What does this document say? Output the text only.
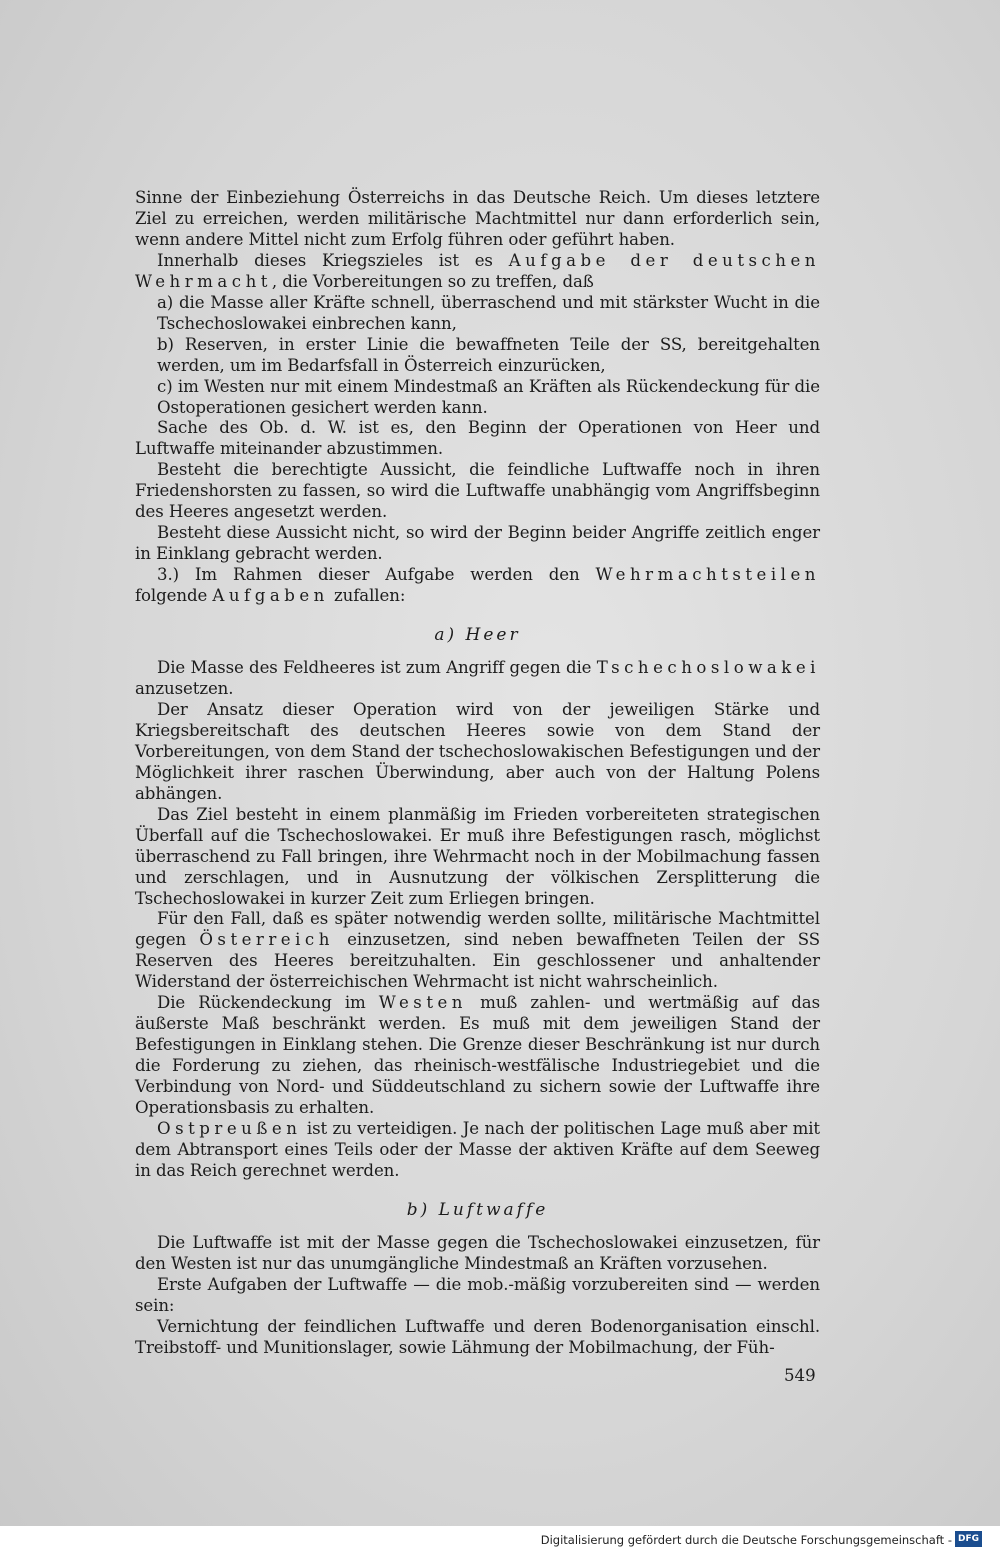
Sinne der Einbeziehung Österreichs in das Deutsche Reich. Um dieses letztere Ziel zu erreichen, werden militärische Machtmittel nur dann erforderlich sein, wenn andere Mittel nicht zum Erfolg führen oder geführt haben.

Innerhalb dieses Kriegszieles ist es Aufgabe der deutschen Wehrmacht, die Vorbereitungen so zu treffen, daß

a) die Masse aller Kräfte schnell, überraschend und mit stärkster Wucht in die Tschechoslowakei einbrechen kann,

b) Reserven, in erster Linie die bewaffneten Teile der SS, bereitgehalten werden, um im Bedarfsfall in Österreich einzurücken,

c) im Westen nur mit einem Mindestmaß an Kräften als Rückendeckung für die Ostoperationen gesichert werden kann.

Sache des Ob. d. W. ist es, den Beginn der Operationen von Heer und Luftwaffe miteinander abzustimmen.

Besteht die berechtigte Aussicht, die feindliche Luftwaffe noch in ihren Friedenshorsten zu fassen, so wird die Luftwaffe unabhängig vom Angriffsbeginn des Heeres angesetzt werden.

Besteht diese Aussicht nicht, so wird der Beginn beider Angriffe zeitlich enger in Einklang gebracht werden.

3.) Im Rahmen dieser Aufgabe werden den Wehrmachtsteilen folgende Aufgaben zufallen:

a) Heer

Die Masse des Feldheeres ist zum Angriff gegen die Tschechoslowakei anzusetzen.

Der Ansatz dieser Operation wird von der jeweiligen Stärke und Kriegsbereitschaft des deutschen Heeres sowie von dem Stand der Vorbereitungen, von dem Stand der tschechoslowakischen Befestigungen und der Möglichkeit ihrer raschen Überwindung, aber auch von der Haltung Polens abhängen.

Das Ziel besteht in einem planmäßig im Frieden vorbereiteten strategischen Überfall auf die Tschechoslowakei. Er muß ihre Befestigungen rasch, möglichst überraschend zu Fall bringen, ihre Wehrmacht noch in der Mobilmachung fassen und zerschlagen, und in Ausnutzung der völkischen Zersplitterung die Tschechoslowakei in kurzer Zeit zum Erliegen bringen.

Für den Fall, daß es später notwendig werden sollte, militärische Machtmittel gegen Österreich einzusetzen, sind neben bewaffneten Teilen der SS Reserven des Heeres bereitzuhalten. Ein geschlossener und anhaltender Widerstand der österreichischen Wehrmacht ist nicht wahrscheinlich.

Die Rückendeckung im Westen muß zahlen- und wertmäßig auf das äußerste Maß beschränkt werden. Es muß mit dem jeweiligen Stand der Befestigungen in Einklang stehen. Die Grenze dieser Beschränkung ist nur durch die Forderung zu ziehen, das rheinisch-westfälische Industriegebiet und die Verbindung von Nord- und Süddeutschland zu sichern sowie der Luftwaffe ihre Operationsbasis zu erhalten.

Ostpreußen ist zu verteidigen. Je nach der politischen Lage muß aber mit dem Abtransport eines Teils oder der Masse der aktiven Kräfte auf dem Seeweg in das Reich gerechnet werden.

b) Luftwaffe

Die Luftwaffe ist mit der Masse gegen die Tschechoslowakei einzusetzen, für den Westen ist nur das unumgängliche Mindestmaß an Kräften vorzusehen.

Erste Aufgaben der Luftwaffe — die mob.-mäßig vorzubereiten sind — werden sein:

Vernichtung der feindlichen Luftwaffe und deren Bodenorganisation einschl. Treibstoff- und Munitionslager, sowie Lähmung der Mobilmachung, der Füh-

549
Digitalisierung gefördert durch die Deutsche Forschungsgemeinschaft - DFG
